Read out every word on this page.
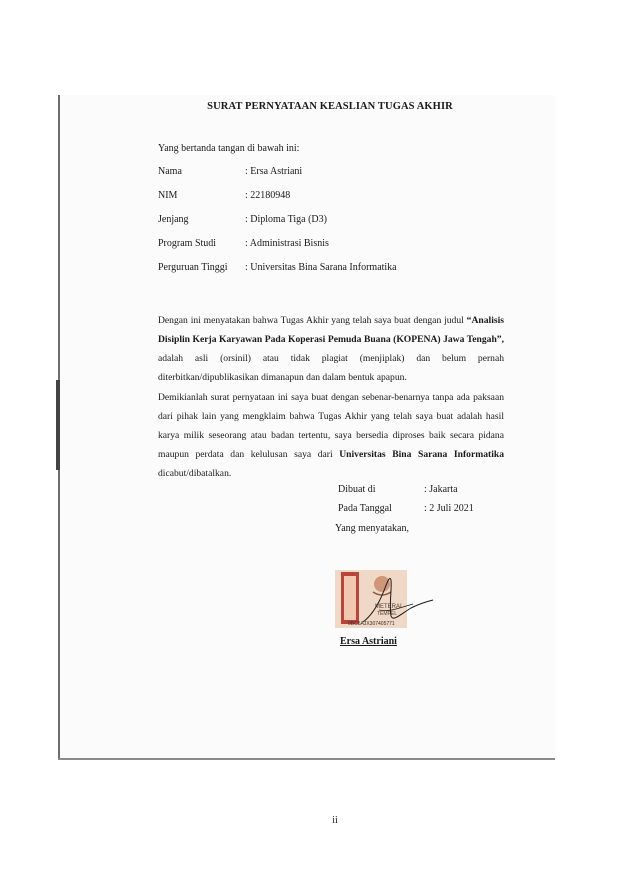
SURAT PERNYATAAN KEASLIAN TUGAS AKHIR
Yang bertanda tangan di bawah ini:
Nama	: Ersa Astriani
NIM	: 22180948
Jenjang	: Diploma Tiga (D3)
Program Studi	: Administrasi Bisnis
Perguruan Tinggi : Universitas Bina Sarana Informatika

Dengan ini menyatakan bahwa Tugas Akhir yang telah saya buat dengan judul “Analisis Disiplin Kerja Karyawan Pada Koperasi Pemuda Buana (KOPENA) Jawa Tengah”, adalah asli (orsinil) atau tidak plagiat (menjiplak) dan belum pernah diterbitkan/dipublikasikan dimanapun dan dalam bentuk apapun.

Demikianlah surat pernyataan ini saya buat dengan sebenar-benarnya tanpa ada paksaan dari pihak lain yang mengklaim bahwa Tugas Akhir yang telah saya buat adalah hasil karya milik seseorang atau badan tertentu, saya bersedia diproses baik secara pidana maupun perdata dan kelulusan saya dari Universitas Bina Sarana Informatika dicabut/dibatalkan.

Dibuat di	: Jakarta
Pada Tanggal	: 2 Juli 2021
Yang menyatakan,
METERAI
TEMPEL
0BC5AJX307405771
Ersa Astriani
ii
